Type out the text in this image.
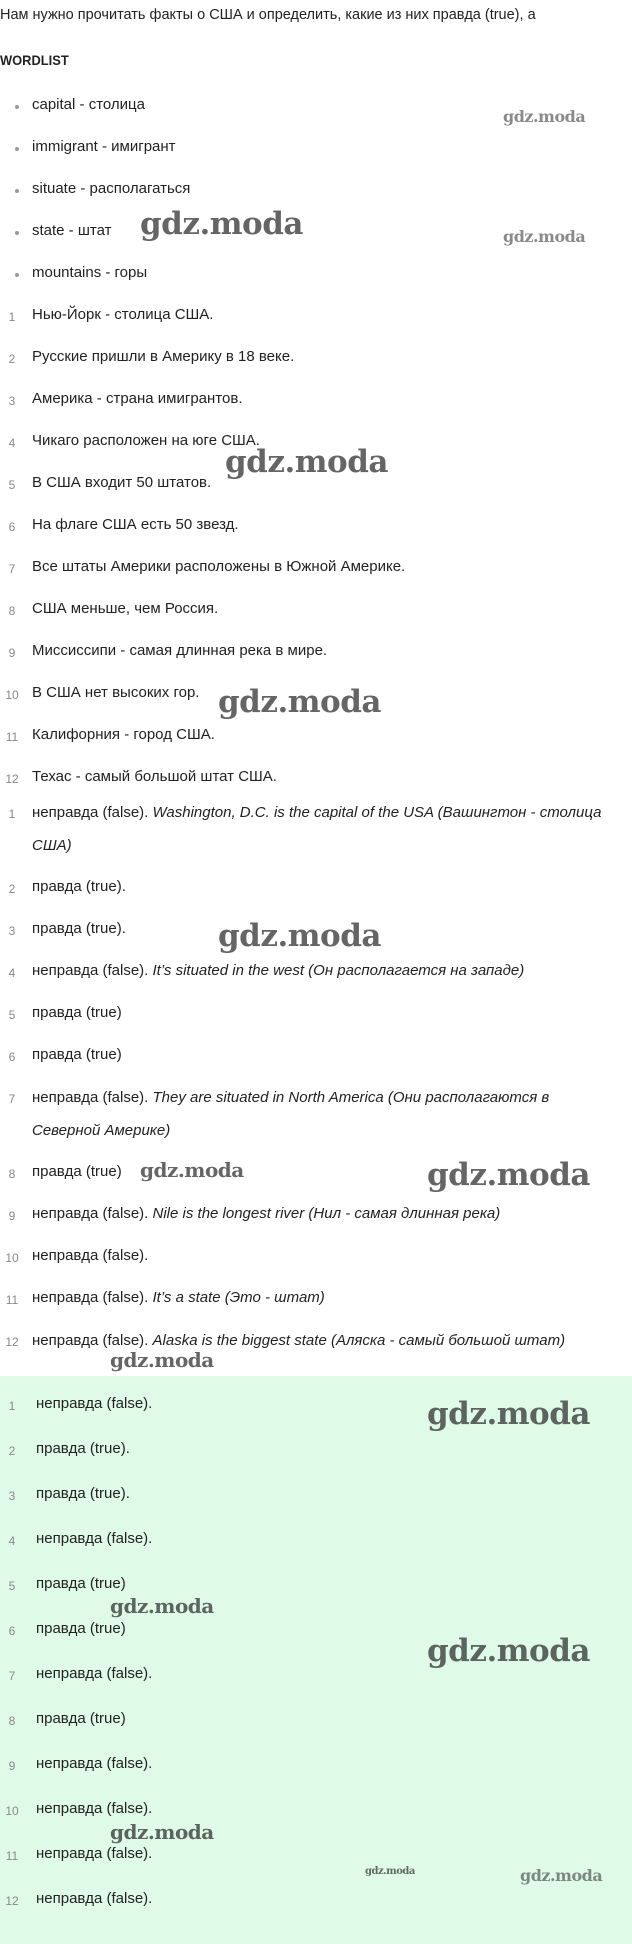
Нам нужно прочитать факты о США и определить, какие из них правда (true), а
WORDLIST
capital - столица
immigrant - имигрант
situate - располагаться
state - штат
mountains - горы
1	Нью-Йорк - столица США.
2	Русские пришли в Америку в 18 веке.
3	Америка - страна имигрантов.
4	Чикаго расположен на юге США.
5	В США входит 50 штатов.
6	На флаге США есть 50 звезд.
7	Все штаты Америки расположены в Южной Америке.
8	США меньше, чем Россия.
9	Миссиссипи - самая длинная река в мире.
10 В США нет высоких гор.
11 Калифорния - город США.
12 Техас - самый большой штат США.
1	неправда (false). Washington, D.C. is the capital of the USA (Вашингтон - столица США)
2	правда (true).
3	правда (true).
4	неправда (false). It’s situated in the west (Он располагается на западе)
5	правда (true)
6	правда (true)
7	неправда (false). They are situated in North America (Они располагаются в Северной Америке)
8	правда (true)
9	неправда (false). Nile is the longest river (Нил - самая длинная река)
10 неправда (false).
11 неправда (false). It’s a state (Это - штат)
12 неправда (false). Alaska is the biggest state (Аляска - самый большой штат)
1	неправда (false).
2	правда (true).
3	правда (true).
4	неправда (false).
5	правда (true)
6	правда (true)
7	неправда (false).
8	правда (true)
9	неправда (false).
10	неправда (false).
11	неправда (false).
12	неправда (false).
gdz.moda
gdz.moda	gdz.moda
gdz.moda
gdz.moda
gdz.moda
gdz.moda	gdz.moda
gdz.moda
gdz.moda
gdz.moda
gdz.moda
gdz.moda
gdz.moda	gdz.moda
